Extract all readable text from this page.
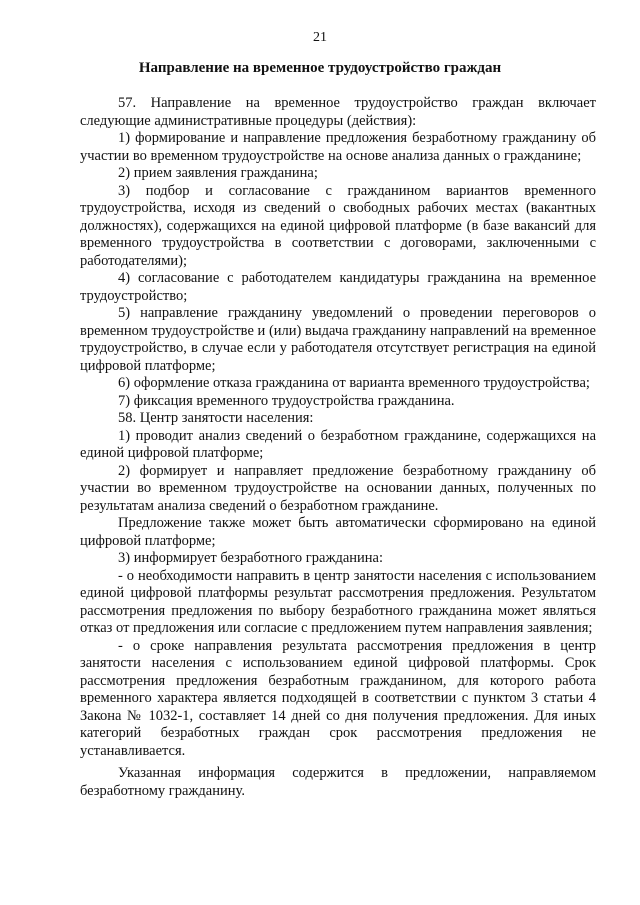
21
Направление на временное трудоустройство граждан

57. Направление на временное трудоустройство граждан включает следующие административные процедуры (действия):

1) формирование и направление предложения безработному гражданину об участии во временном трудоустройстве на основе анализа данных о гражданине;

2) прием заявления гражданина;

3) подбор и согласование с гражданином вариантов временного трудоустройства, исходя из сведений о свободных рабочих местах (вакантных должностях), содержащихся на единой цифровой платформе (в базе вакансий для временного трудоустройства в соответствии с договорами, заключенными с работодателями);

4) согласование с работодателем кандидатуры гражданина на временное трудоустройство;

5) направление гражданину уведомлений о проведении переговоров о временном трудоустройстве и (или) выдача гражданину направлений на временное трудоустройство, в случае если у работодателя отсутствует регистрация на единой цифровой платформе;

6) оформление отказа гражданина от варианта временного трудоустройства;

7) фиксация временного трудоустройства гражданина.

58. Центр занятости населения:

1) проводит анализ сведений о безработном гражданине, содержащихся на единой цифровой платформе;

2) формирует и направляет предложение безработному гражданину об участии во временном трудоустройстве на основании данных, полученных по результатам анализа сведений о безработном гражданине.

Предложение также может быть автоматически сформировано на единой цифровой платформе;

3) информирует безработного гражданина:

- о необходимости направить в центр занятости населения с использованием единой цифровой платформы результат рассмотрения предложения. Результатом рассмотрения предложения по выбору безработного гражданина может являться отказ от предложения или согласие с предложением путем направления заявления;

- о сроке направления результата рассмотрения предложения в центр занятости населения с использованием единой цифровой платформы. Срок рассмотрения предложения безработным гражданином, для которого работа временного характера является подходящей в соответствии с пунктом 3 статьи 4 Закона № 1032-1, составляет 14 дней со дня получения предложения. Для иных категорий безработных граждан срок рассмотрения предложения не устанавливается.

Указанная информация содержится в предложении, направляемом безработному гражданину.
